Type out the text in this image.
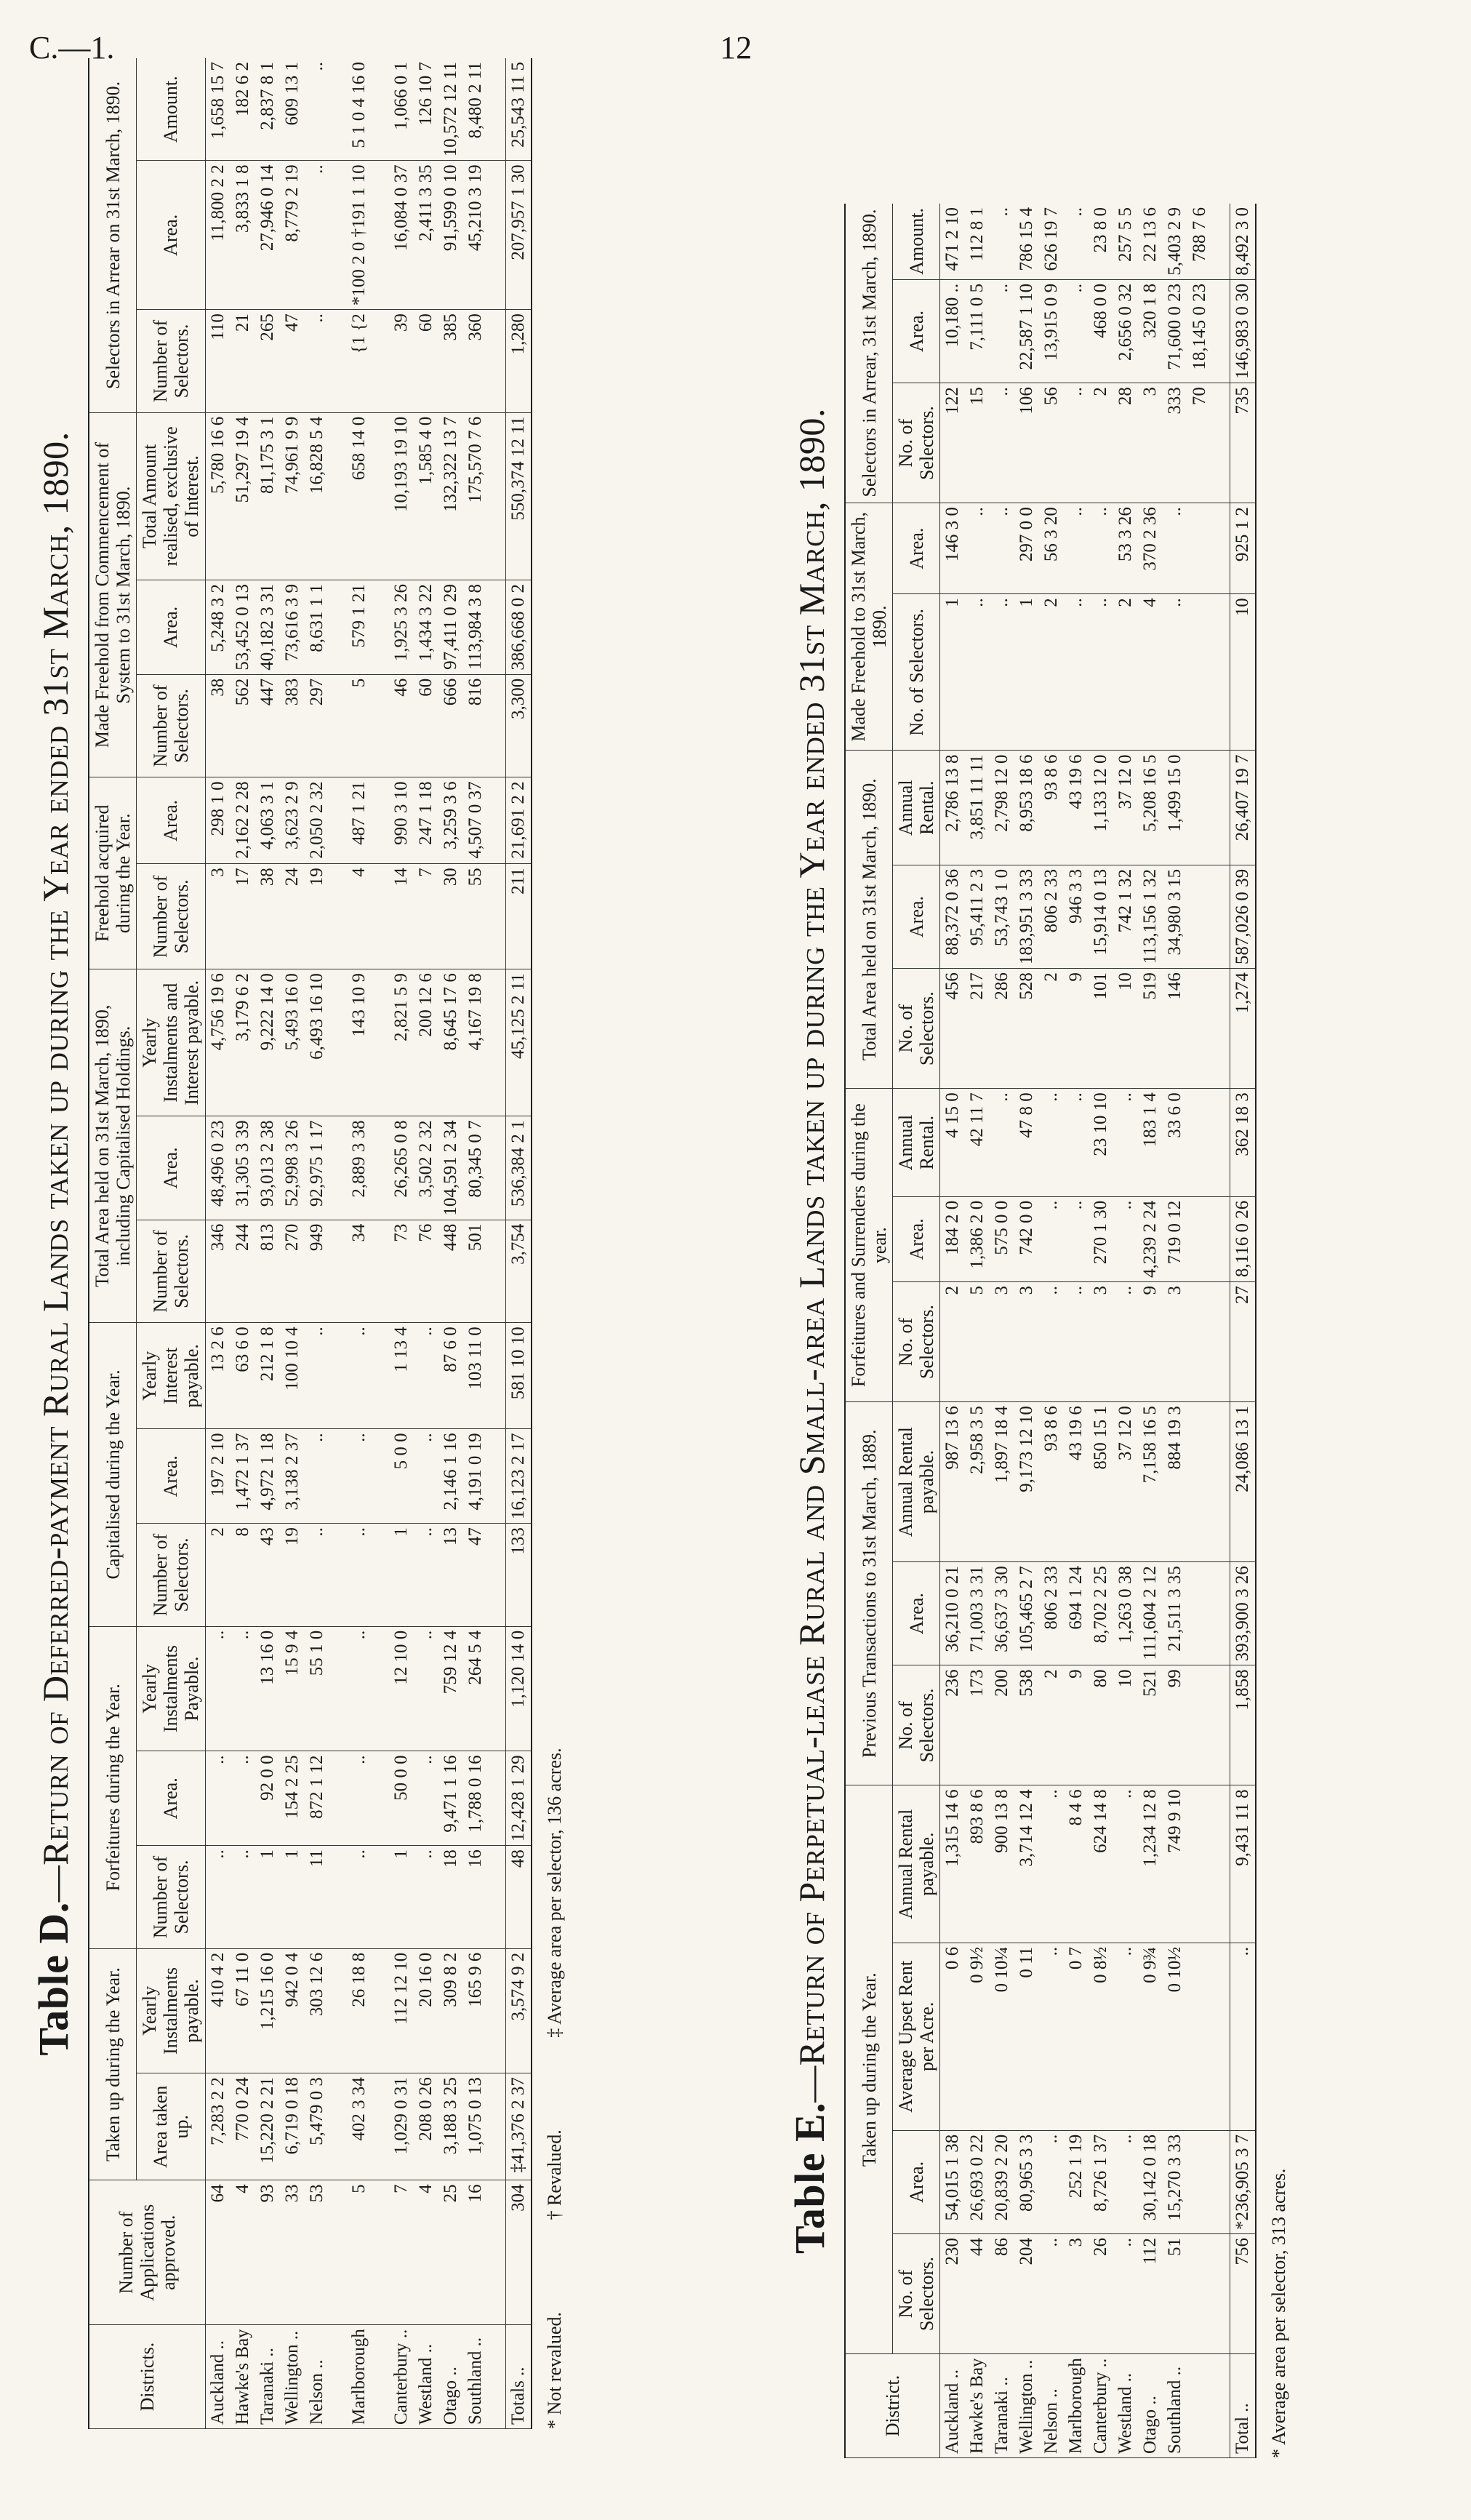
C.—1.	12
Table D.—Return of Deferred-payment Rural Lands taken up during the Year ended 31st March, 1890.
Districts.	Number of Applications approved.	Taken up during the Year.		Forfeitures during the Year.			Capitalised during the Year.			Total Area held on 31st March, 1890, including Capitalised Holdings.			Freehold acquired during the Year.		Made Freehold from Commencement of System to 31st March, 1890.			Selectors in Arrear on 31st March, 1890.		
		Area taken up.	Yearly Instalments payable.	Number of Selectors.	Area.	Yearly Instalments Payable.	Number of Selectors.	Area.	Yearly Interest payable.	Number of Selectors.	Area.	Yearly Instalments and Interest payable.	Number of Selectors.	Area.	Number of Selectors.	Area.	Total Amount realised, exclusive of Interest.	Number of Selectors.	Area.	Amount.
Auckland ..	64	7,283 2 2	410 4 2	..	..	..	2	197 2 10	13 2 6	346	48,496 0 23	4,756 19 6	3	298 1 0	38	5,248 3 2	5,780 16 6	110	11,800 2 2	1,658 15 7
Hawke's Bay	4	770 0 24	67 11 0	..	..	..	8	1,472 1 37	63 6 0	244	31,305 3 39	3,179 6 2	17	2,162 2 28	562	53,452 0 13	51,297 19 4	21	3,833 1 8	182 6 2
Taranaki ..	93	15,220 2 21	1,215 16 0	1	92 0 0	13 16 0	43	4,972 1 18	212 1 8	813	93,013 2 38	9,222 14 0	38	4,063 3 1	447	40,182 3 31	81,175 3 1	265	27,946 0 14	2,837 8 1
Wellington ..	33	6,719 0 18	942 0 4	1	154 2 25	15 9 4	19	3,138 2 37	100 10 4	270	52,998 3 26	5,493 16 0	24	3,623 2 9	383	73,616 3 9	74,961 9 9	47	8,779 2 19	609 13 1
Nelson ..	53	5,479 0 3	303 12 6	11	872 1 12	55 1 0	..	..	..	949	92,975 1 17	6,493 16 10	19	2,050 2 32	297	8,631 1 1	16,828 5 4	..	..	..

Marlborough	5	402 3 34	26 18 8	..	..	..	..	..	..	34	2,889 3 38	143 10 9	4	487 1 21	5	579 1 21	658 14 0	{1 {2	*100 2 0 †191 1 10	5 1 0 4 16 0

Canterbury ..	7	1,029 0 31	112 12 10	1	50 0 0	12 10 0	1	5 0 0	1 13 4	73	26,265 0 8	2,821 5 9	14	990 3 10	46	1,925 3 26	10,193 19 10	39	16,084 0 37	1,066 0 1
Westland ..	4	208 0 26	20 16 0	..	..	..	..	..	..	76	3,502 2 32	200 12 6	7	247 1 18	60	1,434 3 22	1,585 4 0	60	2,411 3 35	126 10 7
Otago ..	25	3,188 3 25	309 8 2	18	9,471 1 16	759 12 4	13	2,146 1 16	87 6 0	448	104,591 2 34	8,645 17 6	30	3,259 3 6	666	97,411 0 29	132,322 13 7	385	91,599 0 10	10,572 12 11
Southland ..	16	1,075 0 13	165 9 6	16	1,788 0 16	264 5 4	47	4,191 0 19	103 11 0	501	80,345 0 7	4,167 19 8	55	4,507 0 37	816	113,984 3 8	175,570 7 6	360	45,210 3 19	8,480 2 11

Totals ..	304	‡41,376 2 37	3,574 9 2	48	12,428 1 29	1,120 14 0	133	16,123 2 17	581 10 10	3,754	536,384 2 1	45,125 2 11	211	21,691 2 2	3,300	386,668 0 2	550,374 12 11	1,280	207,957 1 30	25,543 11 5
* Not revalued. † Revalued. ‡ Average area per selector, 136 acres.
Table E.—Return of Perpetual-lease Rural and Small-area Lands taken up during the Year ended 31st March, 1890.
District.	Taken up during the Year.				Previous Transactions to 31st March, 1889.			Forfeitures and Surrenders during the year.			Total Area held on 31st March, 1890.			Made Freehold to 31st March, 1890.		Selectors in Arrear, 31st March, 1890.		
	No. of Selectors.	Area.	Average Upset Rent per Acre.	Annual Rental payable.	No. of Selectors.	Area.	Annual Rental payable.	No. of Selectors.	Area.	Annual Rental.	No. of Selectors.	Area.	Annual Rental.	No. of Selectors.	Area.	No. of Selectors.	Area.	Amount.
Auckland ..	230	54,015 1 38	0 6	1,315 14 6	236	36,210 0 21	987 13 6	2	184 2 0	4 15 0	456	88,372 0 36	2,786 13 8	1	146 3 0	122	10,180 ..	471 2 10
Hawke's Bay	44	26,693 0 22	0 9½	893 8 6	173	71,003 3 31	2,958 3 5	5	1,386 2 0	42 11 7	217	95,411 2 3	3,851 11 11	..	..	15	7,111 0 5	112 8 1
Taranaki ..	86	20,839 2 20	0 10¼	900 13 8	200	36,637 3 30	1,897 18 4	3	575 0 0	..	286	53,743 1 0	2,798 12 0	..	..	..	..	..
Wellington ..	204	80,965 3 3	0 11	3,714 12 4	538	105,465 2 7	9,173 12 10	3	742 0 0	47 8 0	528	183,951 3 33	8,953 18 6	1	297 0 0	106	22,587 1 10	786 15 4
Nelson ..	..	..	..	..	2	806 2 33	93 8 6	..	..	..	2	806 2 33	93 8 6	2	56 3 20	56	13,915 0 9	626 19 7
Marlborough	3	252 1 19	0 7	8 4 6	9	694 1 24	43 19 6	..	..	..	9	946 3 3	43 19 6	..	..	..	..	..
Canterbury ..	26	8,726 1 37	0 8½	624 14 8	80	8,702 2 25	850 15 1	3	270 1 30	23 10 10	101	15,914 0 13	1,133 12 0	..	..	2	468 0 0	23 8 0
Westland ..	..	..	..	..	10	1,263 0 38	37 12 0	..	..	..	10	742 1 32	37 12 0	2	53 3 26	28	2,656 0 32	257 5 5
Otago ..	112	30,142 0 18	0 9¾	1,234 12 8	521	111,604 2 12	7,158 16 5	9	4,239 2 24	183 1 4	519	113,156 1 32	5,208 16 5	4	370 2 36	3	320 1 8	22 13 6
Southland ..	51	15,270 3 33	0 10½	749 9 10	99	21,511 3 35	884 19 3	3	719 0 12	33 6 0	146	34,980 3 15	1,499 15 0	..	..	333	71,600 0 23	5,403 2 9
																70	18,145 0 23	788 7 6

Total ..	756	*236,905 3 7	..	9,431 11 8	1,858	393,900 3 26	24,086 13 1	27	8,116 0 26	362 18 3	1,274	587,026 0 39	26,407 19 7	10	925 1 2	735	146,983 0 30	8,492 3 0
* Average area per selector, 313 acres.
